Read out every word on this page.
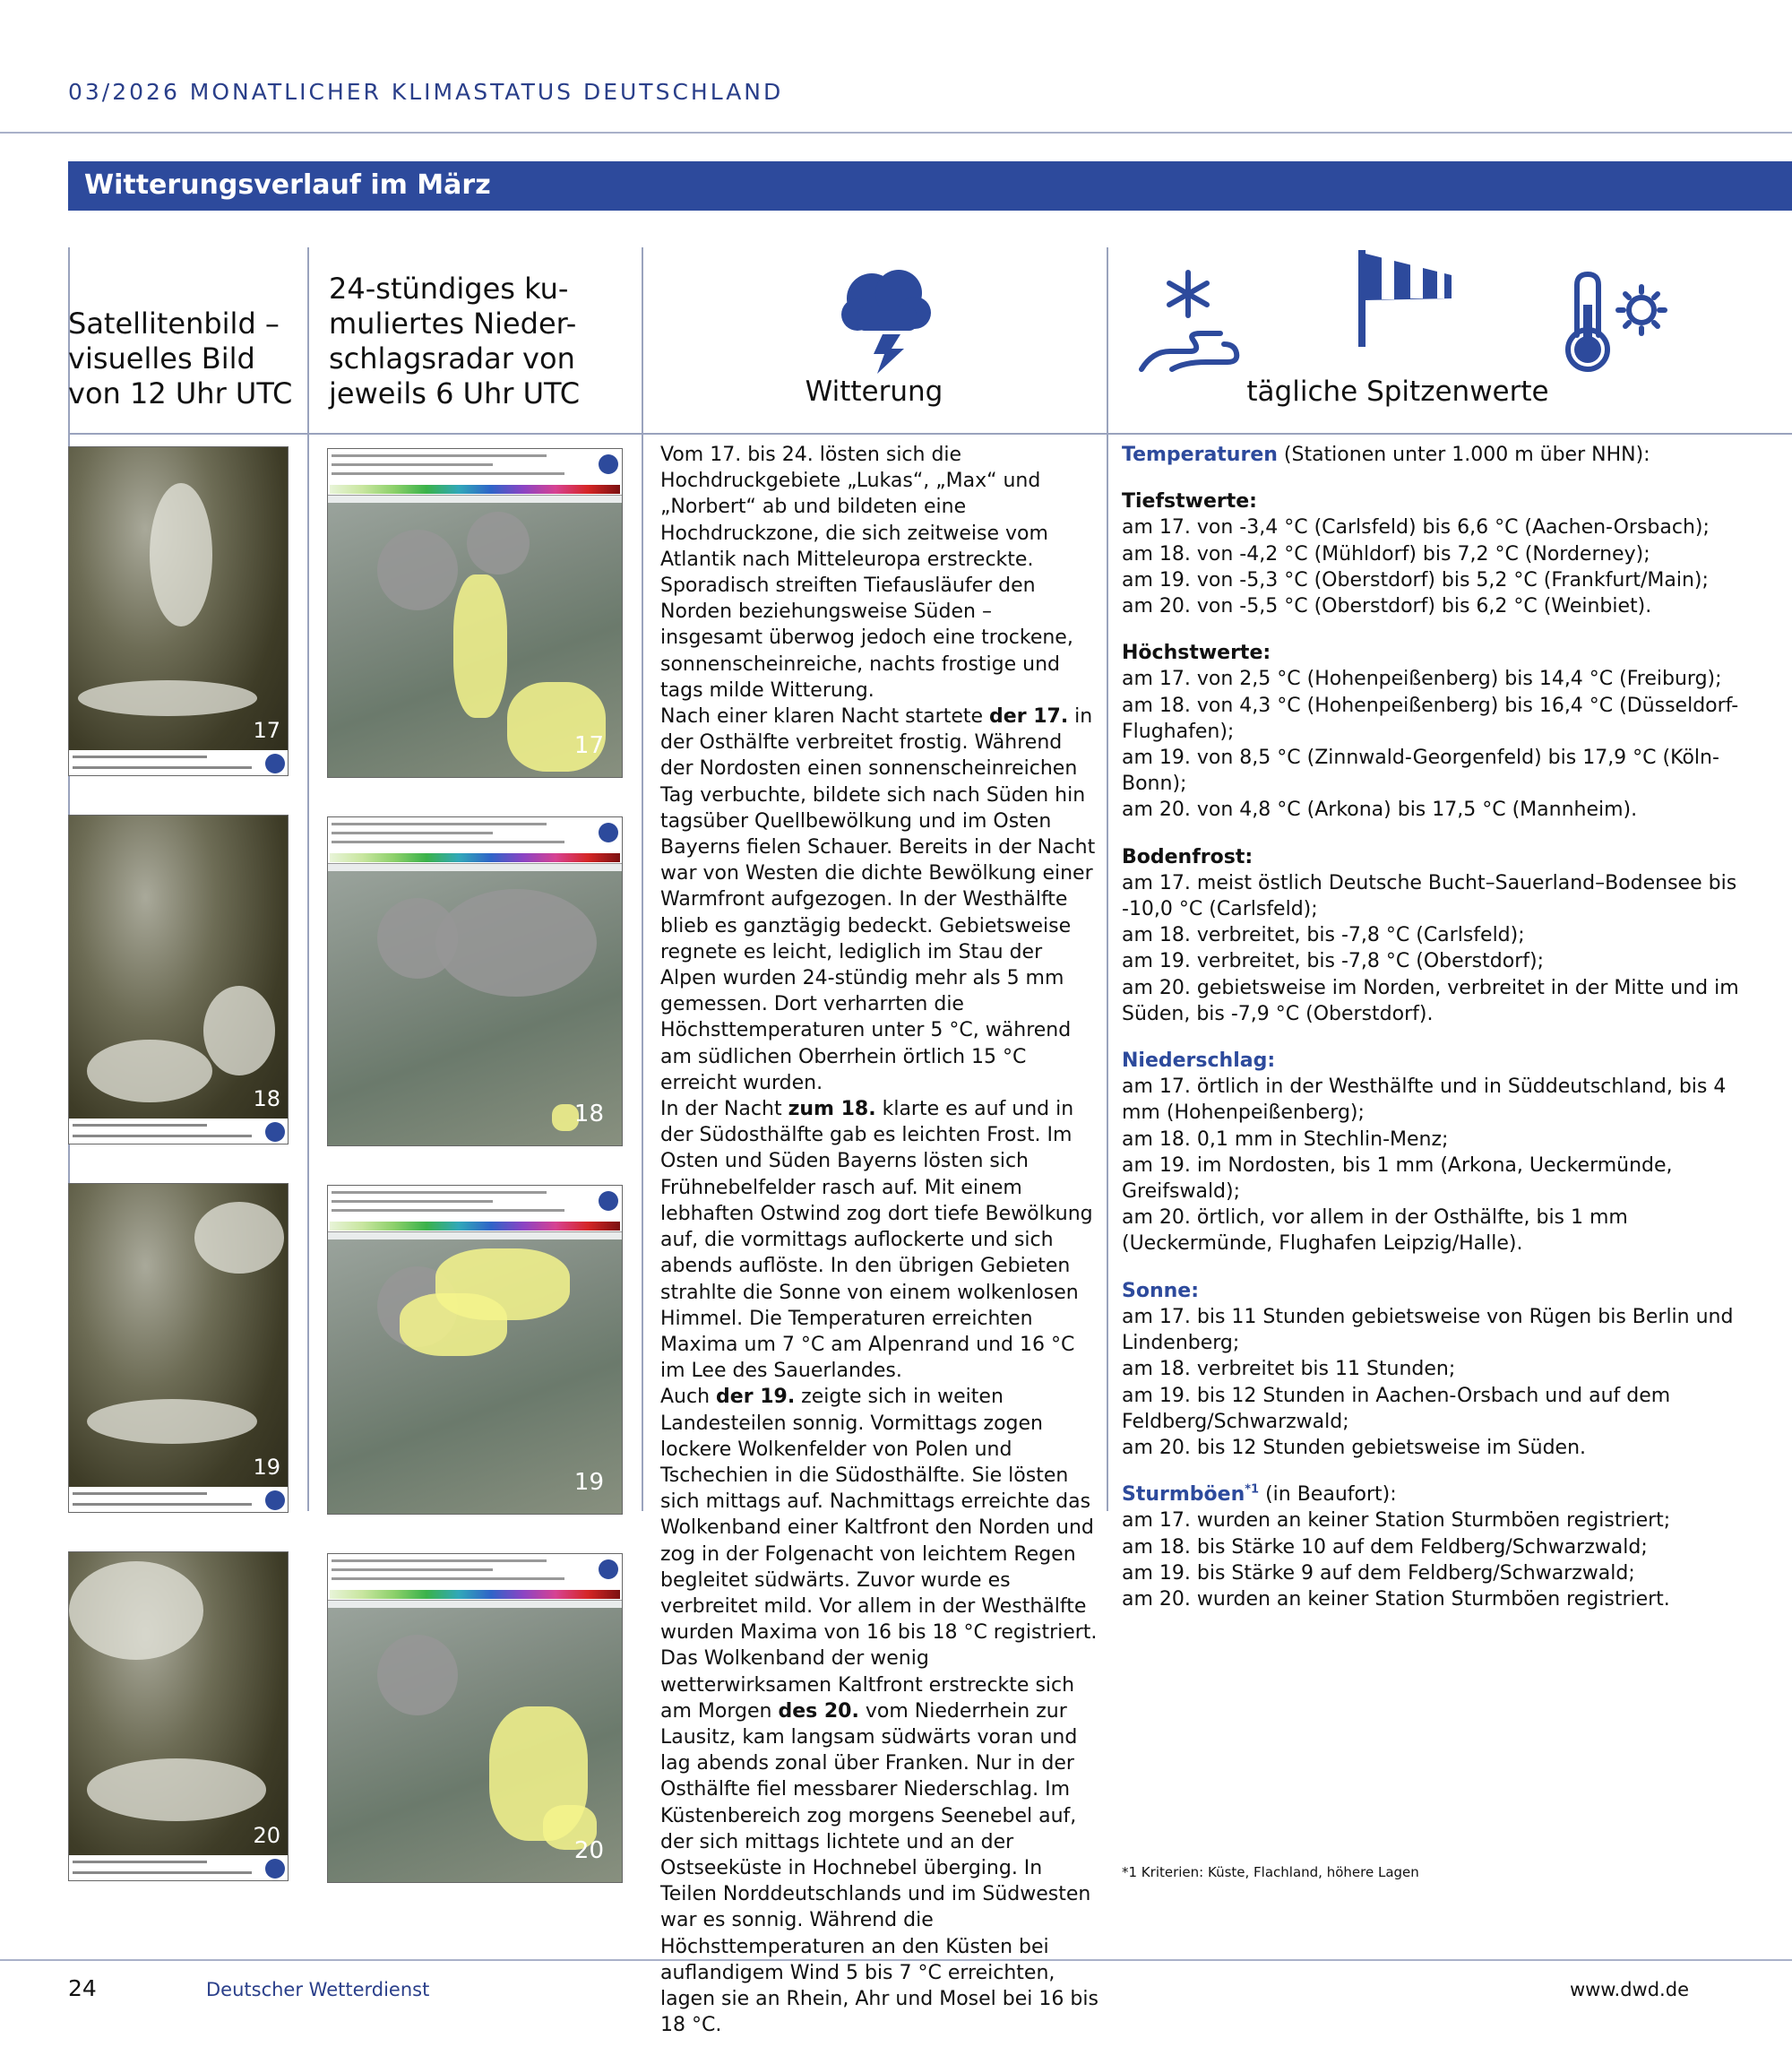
03/2026 MONATLICHER KLIMASTATUS DEUTSCHLAND
Witterungsverlauf im März
Satellitenbild –
visuelles Bild
von 12 Uhr UTC
24-stündiges ku-
muliertes Nieder-
schlagsradar von
jeweils 6 Uhr UTC	Witterung	tägliche Spitzenwerte
17
18
19
20
17
18
19
20

Vom 17. bis 24. lösten sich die Hochdruckgebiete „Lukas“, „Max“ und „Norbert“ ab und bildeten eine Hochdruckzone, die sich zeitweise vom Atlantik nach Mitteleuropa erstreckte. Sporadisch streiften Tiefausläufer den Norden beziehungsweise Süden – insgesamt überwog jedoch eine trockene, sonnenscheinreiche, nachts frostige und tags milde Witterung.

Nach einer klaren Nacht startete der 17. in der Osthälfte verbreitet frostig. Während der Nordosten einen sonnenscheinreichen Tag verbuchte, bildete sich nach Süden hin tagsüber Quellbewölkung und im Osten Bayerns fielen Schauer. Bereits in der Nacht war von Westen die dichte Bewölkung einer Warmfront aufgezogen. In der Westhälfte blieb es ganztägig bedeckt. Gebietsweise regnete es leicht, lediglich im Stau der Alpen wurden 24-stündig mehr als 5 mm gemessen. Dort verharrten die Höchsttemperaturen unter 5 °C, während am südlichen Oberrhein örtlich 15 °C erreicht wurden.

In der Nacht zum 18. klarte es auf und in der Südosthälfte gab es leichten Frost. Im Osten und Süden Bayerns lösten sich Frühnebelfelder rasch auf. Mit einem lebhaften Ostwind zog dort tiefe Bewölkung auf, die vormittags auflockerte und sich abends auflöste. In den übrigen Gebieten strahlte die Sonne von einem wolkenlosen Himmel. Die Temperaturen erreichten Maxima um 7 °C am Alpenrand und 16 °C im Lee des Sauerlandes.

Auch der 19. zeigte sich in weiten Landesteilen sonnig. Vormittags zogen lockere Wolkenfelder von Polen und Tschechien in die Südosthälfte. Sie lösten sich mittags auf. Nachmittags erreichte das Wolkenband einer Kaltfront den Norden und zog in der Folgenacht von leichtem Regen begleitet südwärts. Zuvor wurde es verbreitet mild. Vor allem in der Westhälfte wurden Maxima von 16 bis 18 °C registriert.

Das Wolkenband der wenig wetterwirksamen Kaltfront erstreckte sich am Morgen des 20. vom Niederrhein zur Lausitz, kam langsam südwärts voran und lag abends zonal über Franken. Nur in der Osthälfte fiel messbarer Niederschlag. Im Küstenbereich zog morgens Seenebel auf, der sich mittags lichtete und an der Ostseeküste in Hochnebel überging. In Teilen Norddeutschlands und im Südwesten war es sonnig. Während die Höchsttemperaturen an den Küsten bei auflandigem Wind 5 bis 7 °C erreichten, lagen sie an Rhein, Ahr und Mosel bei 16 bis 18 °C.

Temperaturen (Stationen unter 1.000 m über NHN):
Tiefstwerte:
am 17. von -3,4 °C (Carlsfeld) bis 6,6 °C (Aachen-Orsbach);
am 18. von -4,2 °C (Mühldorf) bis 7,2 °C (Norderney);
am 19. von -5,3 °C (Oberstdorf) bis 5,2 °C (Frankfurt/Main);
am 20. von -5,5 °C (Oberstdorf) bis 6,2 °C (Weinbiet).
Höchstwerte:
am 17. von 2,5 °C (Hohenpeißenberg) bis 14,4 °C (Freiburg);
am 18. von 4,3 °C (Hohenpeißenberg) bis 16,4 °C (Düsseldorf-Flughafen);
am 19. von 8,5 °C (Zinnwald-Georgenfeld) bis 17,9 °C (Köln-Bonn);
am 20. von 4,8 °C (Arkona) bis 17,5 °C (Mannheim).
Bodenfrost:
am 17. meist östlich Deutsche Bucht–Sauerland–Bodensee bis -10,0 °C (Carlsfeld);
am 18. verbreitet, bis -7,8 °C (Carlsfeld);
am 19. verbreitet, bis -7,8 °C (Oberstdorf);
am 20. gebietsweise im Norden, verbreitet in der Mitte und im Süden, bis -7,9 °C (Oberstdorf).
Niederschlag:
am 17. örtlich in der Westhälfte und in Süddeutschland, bis 4 mm (Hohenpeißenberg);
am 18. 0,1 mm in Stechlin-Menz;
am 19. im Nordosten, bis 1 mm (Arkona, Ueckermünde, Greifswald);
am 20. örtlich, vor allem in der Osthälfte, bis 1 mm (Ueckermünde, Flughafen Leipzig/Halle).
Sonne:
am 17. bis 11 Stunden gebietsweise von Rügen bis Berlin und Lindenberg;
am 18. verbreitet bis 11 Stunden;
am 19. bis 12 Stunden in Aachen-Orsbach und auf dem Feldberg/Schwarzwald;
am 20. bis 12 Stunden gebietsweise im Süden.
Sturmböen$^{*1}$ (in Beaufort):
am 17. wurden an keiner Station Sturmböen registriert;
am 18. bis Stärke 10 auf dem Feldberg/Schwarzwald;
am 19. bis Stärke 9 auf dem Feldberg/Schwarzwald;
am 20. wurden an keiner Station Sturmböen registriert.
*1 Kriterien: Küste, Flachland, höhere Lagen
24	Deutscher Wetterdienst	www.dwd.de
